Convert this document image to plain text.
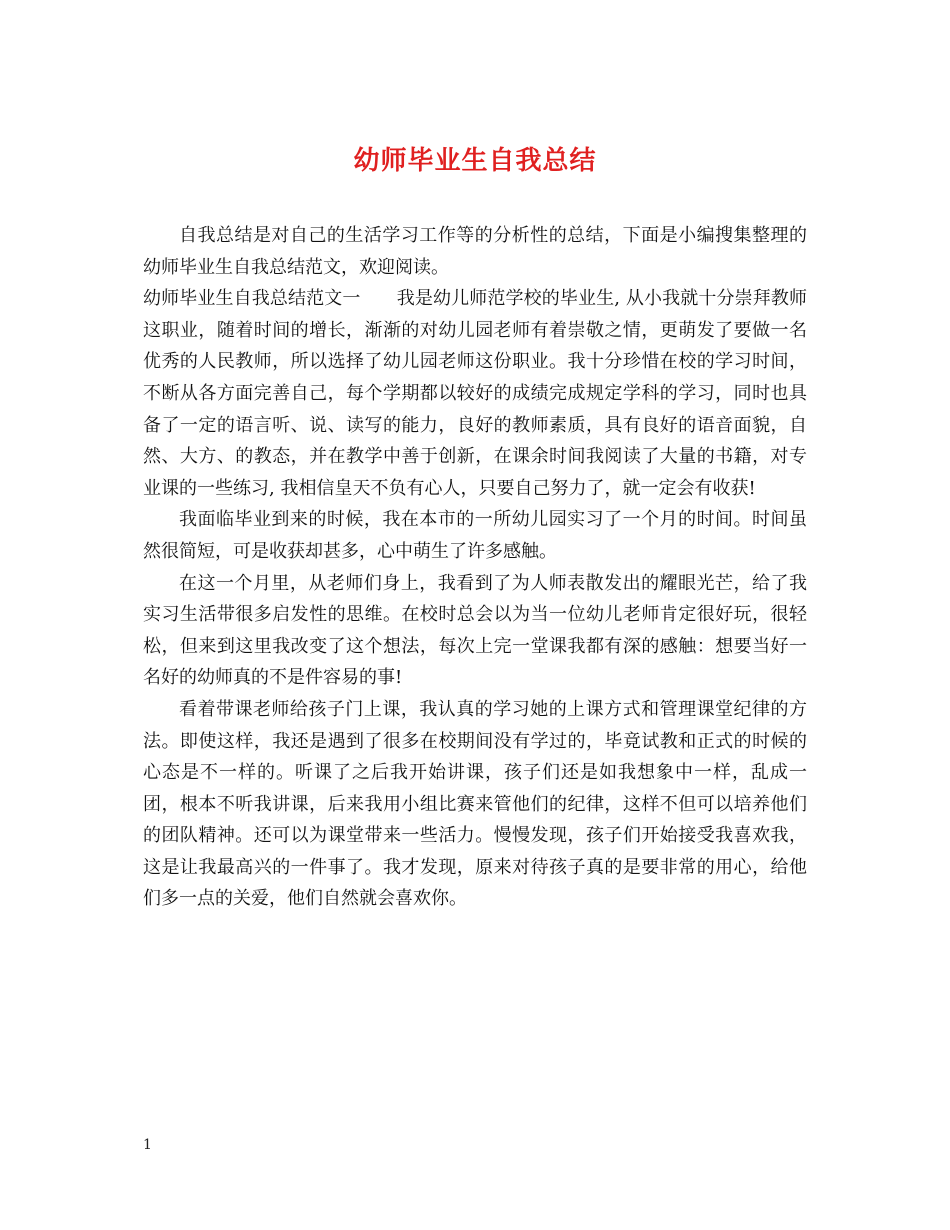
幼师毕业生自我总结

自我总结是对自己的生活学习工作等的分析性的总结，下面是小编搜集整理的幼师毕业生自我总结范文，欢迎阅读。

幼师毕业生自我总结范文一 我是幼儿师范学校的毕业生, 从小我就十分崇拜教师这职业，随着时间的增长，渐渐的对幼儿园老师有着崇敬之情，更萌发了要做一名优秀的人民教师，所以选择了幼儿园老师这份职业。我十分珍惜在校的学习时间，不断从各方面完善自己，每个学期都以较好的成绩完成规定学科的学习，同时也具备了一定的语言听、说、读写的能力，良好的教师素质，具有良好的语音面貌，自然、大方、的教态，并在教学中善于创新，在课余时间我阅读了大量的书籍，对专业课的一些练习, 我相信皇天不负有心人，只要自己努力了，就一定会有收获!

我面临毕业到来的时候，我在本市的一所幼儿园实习了一个月的时间。时间虽然很简短，可是收获却甚多，心中萌生了许多感触。

在这一个月里，从老师们身上，我看到了为人师表散发出的耀眼光芒，给了我实习生活带很多启发性的思维。在校时总会以为当一位幼儿老师肯定很好玩，很轻松，但来到这里我改变了这个想法，每次上完一堂课我都有深的感触：想要当好一名好的幼师真的不是件容易的事!

看着带课老师给孩子门上课，我认真的学习她的上课方式和管理课堂纪律的方法。即使这样，我还是遇到了很多在校期间没有学过的，毕竟试教和正式的时候的心态是不一样的。听课了之后我开始讲课，孩子们还是如我想象中一样，乱成一团，根本不听我讲课，后来我用小组比赛来管他们的纪律，这样不但可以培养他们的团队精神。还可以为课堂带来一些活力。慢慢发现，孩子们开始接受我喜欢我，这是让我最高兴的一件事了。我才发现，原来对待孩子真的是要非常的用心，给他们多一点的关爱，他们自然就会喜欢你。

1
